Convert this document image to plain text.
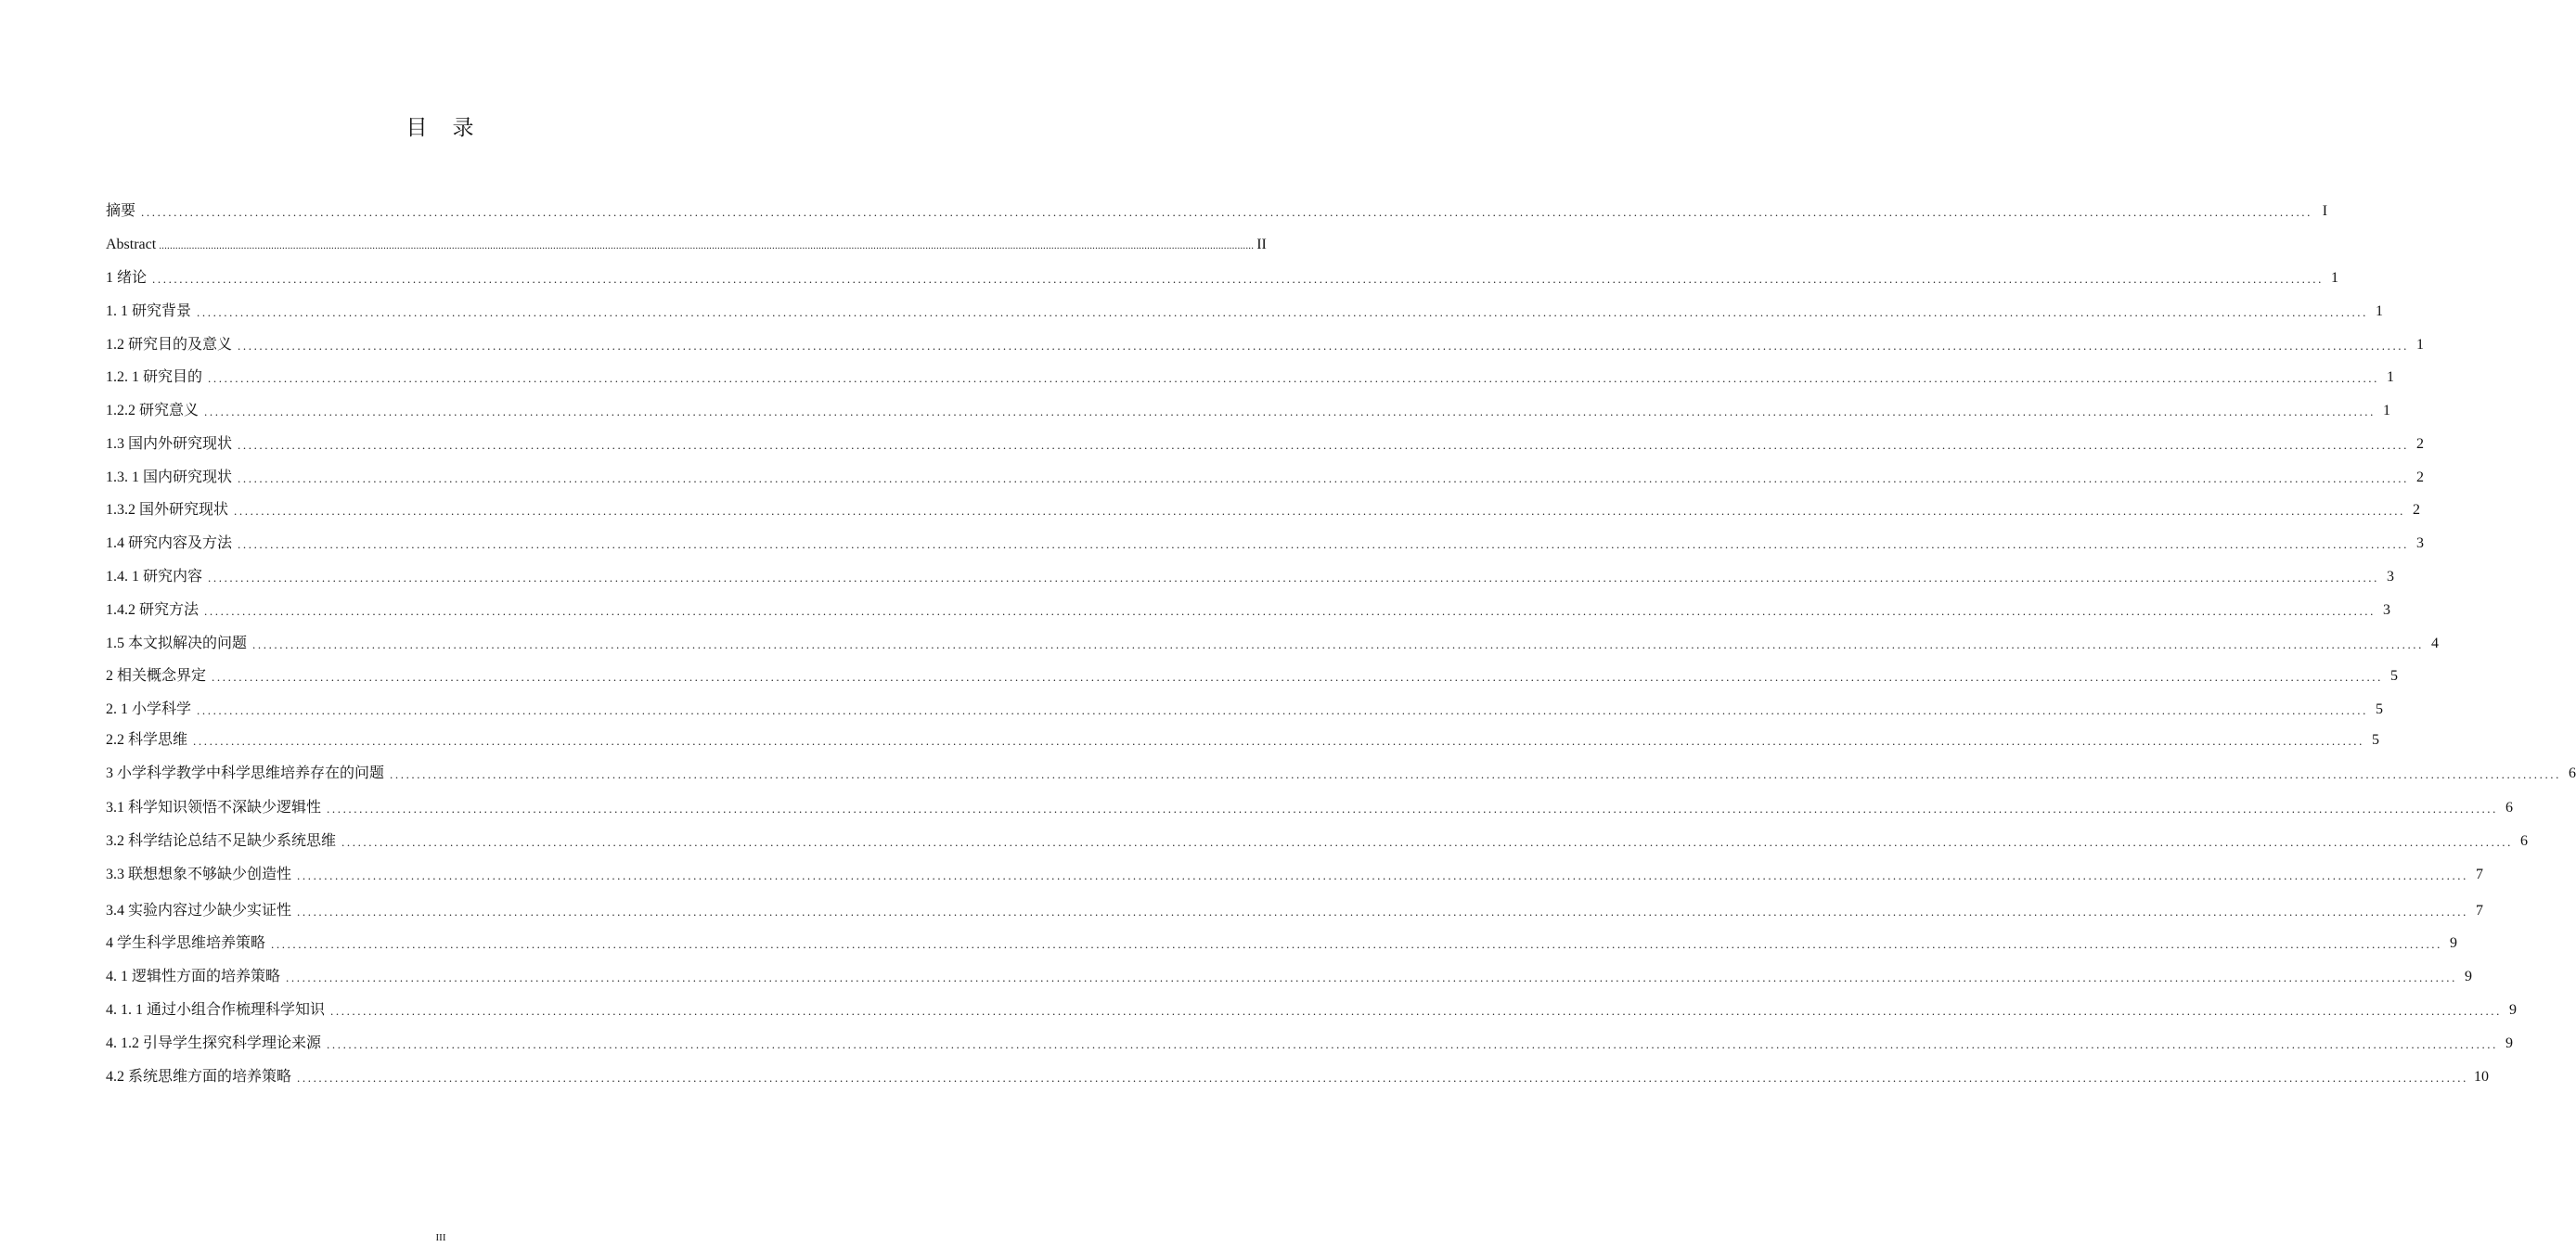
目　录
摘要 ................................................................................................................................................................................................................................................................................................................................................................................................................ I
Abstract ................................................................................................................................................................................................................................................................................................................................................................................................................ II
1 绪论 ................................................................................................................................................................................................................................................................................................................................................................................................................ 1
1. 1 研究背景 ................................................................................................................................................................................................................................................................................................................................................................................................................ 1
1.2 研究目的及意义 ................................................................................................................................................................................................................................................................................................................................................................................................................ 1
1.2. 1 研究目的 ................................................................................................................................................................................................................................................................................................................................................................................................................ 1
1.2.2 研究意义 ................................................................................................................................................................................................................................................................................................................................................................................................................ 1
1.3 国内外研究现状 ................................................................................................................................................................................................................................................................................................................................................................................................................ 2
1.3. 1 国内研究现状 ................................................................................................................................................................................................................................................................................................................................................................................................................ 2
1.3.2 国外研究现状 ................................................................................................................................................................................................................................................................................................................................................................................................................ 2
1.4 研究内容及方法 ................................................................................................................................................................................................................................................................................................................................................................................................................ 3
1.4. 1 研究内容 ................................................................................................................................................................................................................................................................................................................................................................................................................ 3
1.4.2 研究方法 ................................................................................................................................................................................................................................................................................................................................................................................................................ 3
1.5 本文拟解决的问题 ................................................................................................................................................................................................................................................................................................................................................................................................................ 4
2 相关概念界定 ................................................................................................................................................................................................................................................................................................................................................................................................................ 5
2. 1 小学科学 ................................................................................................................................................................................................................................................................................................................................................................................................................ 5
2.2 科学思维 ................................................................................................................................................................................................................................................................................................................................................................................................................ 5
3 小学科学教学中科学思维培养存在的问题 ................................................................................................................................................................................................................................................................................................................................................................................................................ 6
3.1 科学知识领悟不深缺少逻辑性 ................................................................................................................................................................................................................................................................................................................................................................................................................ 6
3.2 科学结论总结不足缺少系统思维 ................................................................................................................................................................................................................................................................................................................................................................................................................ 6
3.3 联想想象不够缺少创造性 ................................................................................................................................................................................................................................................................................................................................................................................................................ 7
3.4 实验内容过少缺少实证性 ................................................................................................................................................................................................................................................................................................................................................................................................................ 7
4 学生科学思维培养策略 ................................................................................................................................................................................................................................................................................................................................................................................................................ 9
4. 1 逻辑性方面的培养策略 ................................................................................................................................................................................................................................................................................................................................................................................................................ 9
4. 1. 1 通过小组合作梳理科学知识 ................................................................................................................................................................................................................................................................................................................................................................................................................ 9
4. 1.2 引导学生探究科学理论来源 ................................................................................................................................................................................................................................................................................................................................................................................................................ 9
4.2 系统思维方面的培养策略 ................................................................................................................................................................................................................................................................................................................................................................................................................ 10
III
